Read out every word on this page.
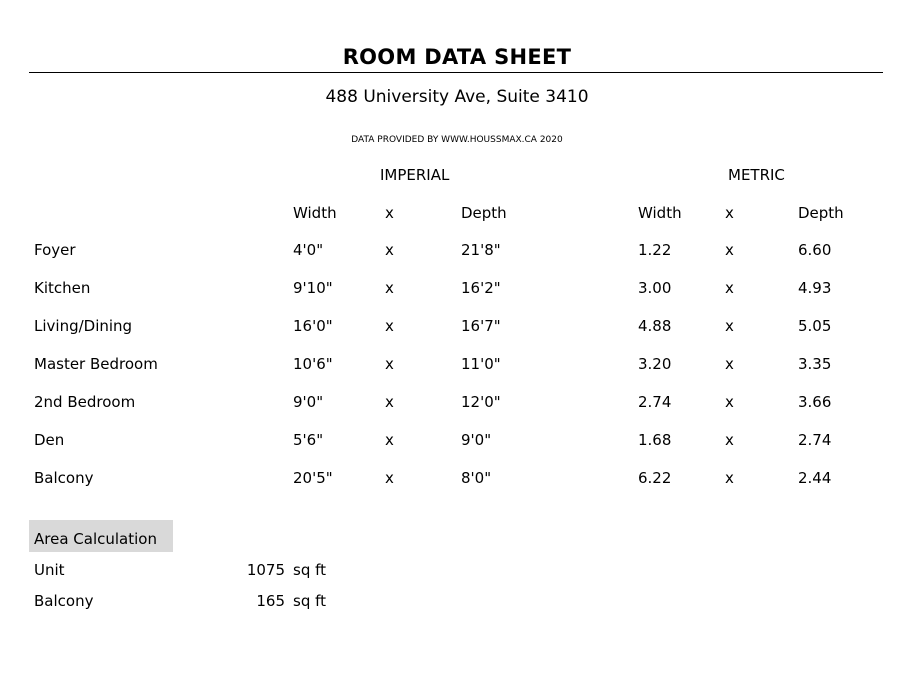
ROOM DATA SHEET
488 University Ave, Suite 3410
DATA PROVIDED BY WWW.HOUSSMAX.CA 2020
IMPERIAL	METRIC
Width	x	Depth	Width	x	Depth
Foyer	4'0"	x	21'8"	1.22	x	6.60
Kitchen	9'10"	x	16'2"	3.00	x	4.93
Living/Dining	16'0"	x	16'7"	4.88	x	5.05
Master Bedroom	10'6"	x	11'0"	3.20	x	3.35
2nd Bedroom	9'0"	x	12'0"	2.74	x	3.66
Den	5'6"	x	9'0"	1.68	x	2.74
Balcony	20'5"	x	8'0"	6.22	x	2.44
Area Calculation
Unit	1075 sq ft
Balcony	165 sq ft
